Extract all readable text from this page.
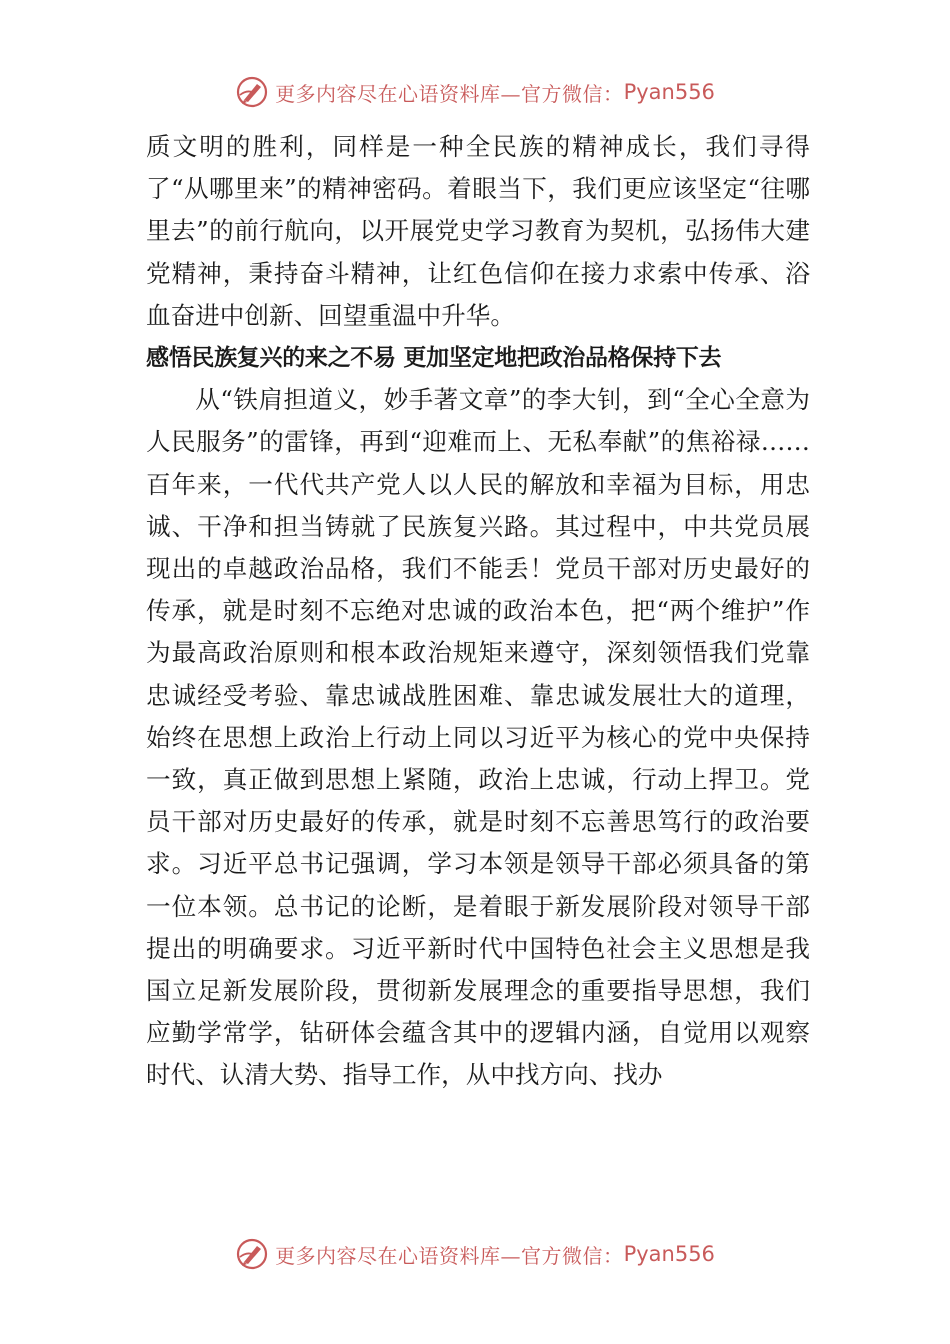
更多内容尽在心语资料库—官方微信： Pyan556

质文明的胜利，同样是一种全民族的精神成长，我们寻得了“从哪里来”的精神密码。着眼当下，我们更应该坚定“往哪里去”的前行航向，以开展党史学习教育为契机，弘扬伟大建党精神，秉持奋斗精神，让红色信仰在接力求索中传承、浴血奋进中创新、回望重温中升华。

感悟民族复兴的来之不易 更加坚定地把政治品格保持下去

从“铁肩担道义，妙手著文章”的李大钊，到“全心全意为人民服务”的雷锋，再到“迎难而上、无私奉献”的焦裕禄……百年来，一代代共产党人以人民的解放和幸福为目标，用忠诚、干净和担当铸就了民族复兴路。其过程中，中共党员展现出的卓越政治品格，我们不能丢！党员干部对历史最好的传承，就是时刻不忘绝对忠诚的政治本色，把“两个维护”作为最高政治原则和根本政治规矩来遵守，深刻领悟我们党靠忠诚经受考验、靠忠诚战胜困难、靠忠诚发展壮大的道理，始终在思想上政治上行动上同以习近平为核心的党中央保持一致，真正做到思想上紧随，政治上忠诚，行动上捍卫。党员干部对历史最好的传承，就是时刻不忘善思笃行的政治要求。习近平总书记强调，学习本领是领导干部必须具备的第一位本领。总书记的论断，是着眼于新发展阶段对领导干部提出的明确要求。习近平新时代中国特色社会主义思想是我国立足新发展阶段，贯彻新发展理念的重要指导思想，我们应勤学常学，钻研体会蕴含其中的逻辑内涵，自觉用以观察时代、认清大势、指导工作，从中找方向、找办

更多内容尽在心语资料库—官方微信： Pyan556
